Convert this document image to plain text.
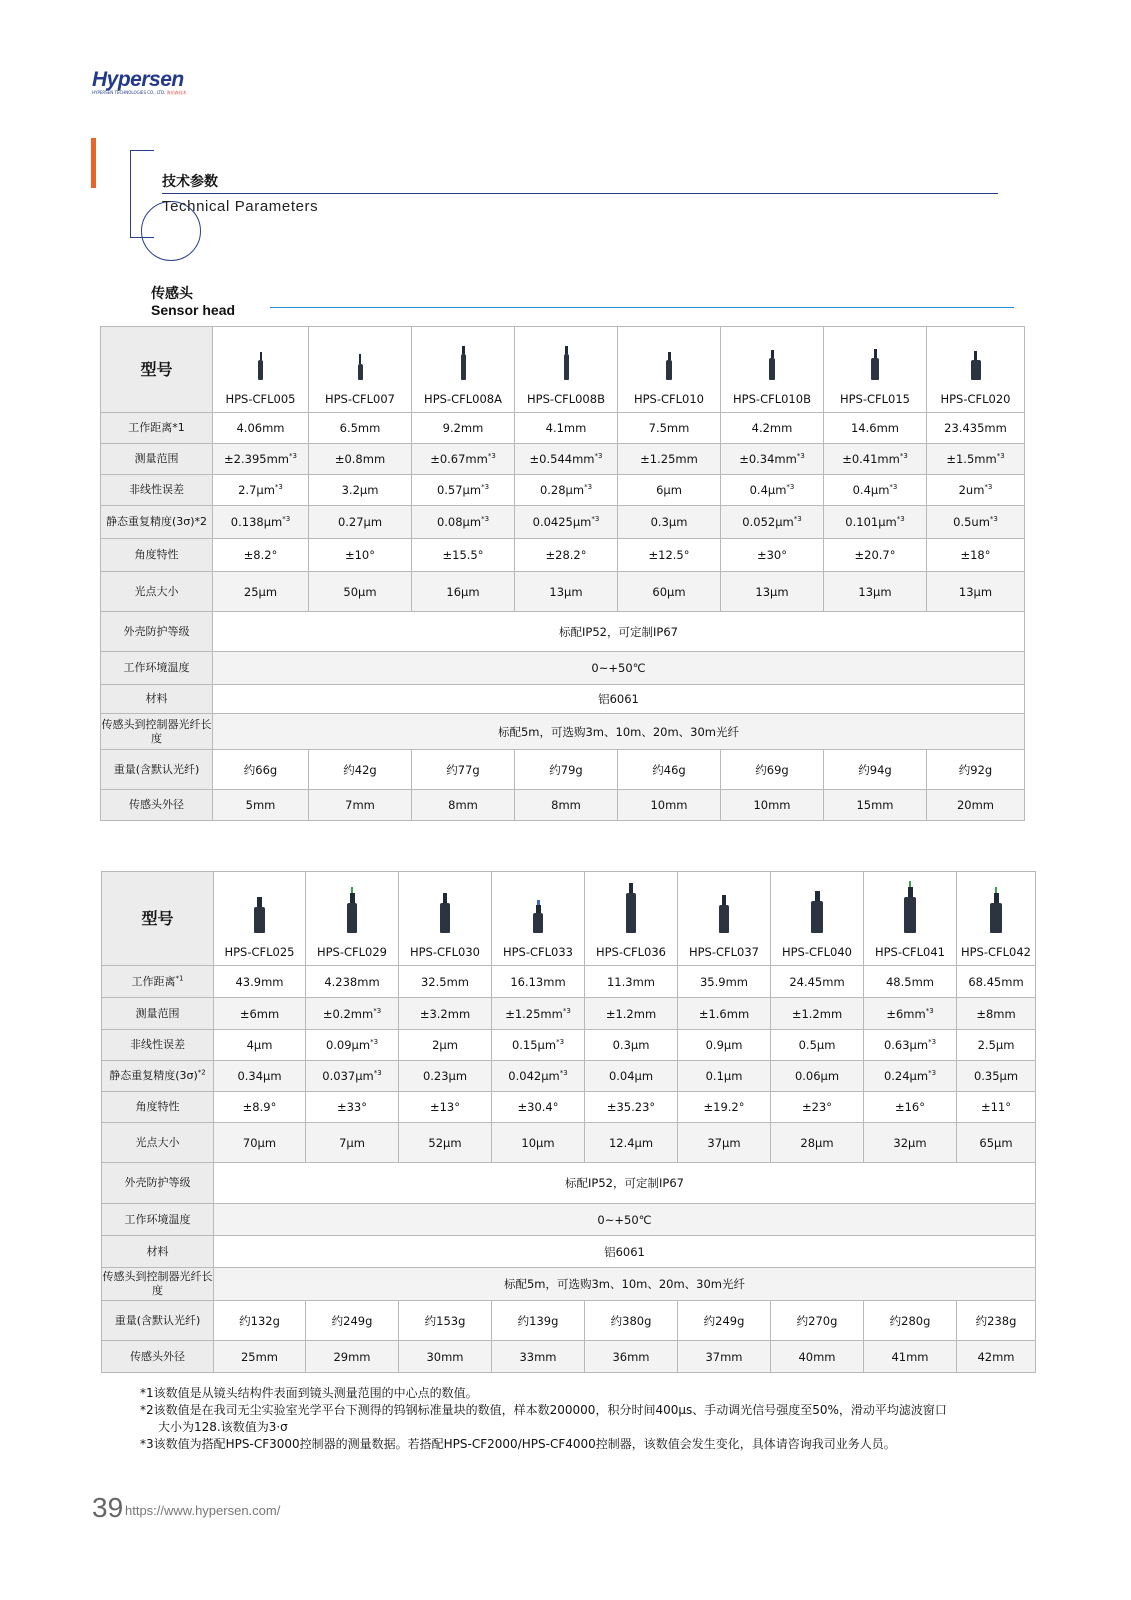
Hypersen
HYPERSEN TECHNOLOGIES CO., LTD. 海伯森技术
技术参数
Technical Parameters
传感头
Sensor head
型号	HPS-CFL005	HPS-CFL007	HPS-CFL008A	HPS-CFL008B	HPS-CFL010	HPS-CFL010B	HPS-CFL015	HPS-CFL020
工作距离*1	4.06mm	6.5mm	9.2mm	4.1mm	7.5mm	4.2mm	14.6mm	23.435mm
测量范围	$\pm 2.395mm^{*3}$	±0.8mm	$\pm 0.67mm^{*3}$	$\pm 0.544mm^{*3}$	±1.25mm	$\pm 0.34mm^{*3}$	$\pm 0.41mm^{*3}$	$\pm 1.5mm^{*3}$
非线性误差	$2.7\mu m^{*3}$	3.2μm	$0.57\mu m^{*3}$	$0.28\mu m^{*3}$	6μm	$0.4\mu m^{*3}$	$0.4\mu m^{*3}$	$2um^{*3}$
静态重复精度(3σ)*2	$0.138\mu m^{*3}$	0.27μm	$0.08\mu m^{*3}$	$0.0425\mu m^{*3}$	0.3μm	$0.052\mu m^{*3}$	$0.101\mu m^{*3}$	$0.5um^{*3}$
角度特性	±8.2°	±10°	±15.5°	±28.2°	±12.5°	±30°	±20.7°	±18°
光点大小	25μm	50μm	16μm	13μm	60μm	13μm	13μm	13μm
外壳防护等级	标配IP52，可定制IP67							
工作环境温度	0~+50℃							
材料	铝6061							
传感头到控制器光纤长度	标配5m，可选购3m、10m、20m、30m光纤							
重量(含默认光纤)	约66g	约42g	约77g	约79g	约46g	约69g	约94g	约92g
传感头外径	5mm	7mm	8mm	8mm	10mm	10mm	15mm	20mm
型号	HPS-CFL025	HPS-CFL029	HPS-CFL030	HPS-CFL033	HPS-CFL036	HPS-CFL037	HPS-CFL040	HPS-CFL041	HPS-CFL042
工作距离$^{*1}$	43.9mm	4.238mm	32.5mm	16.13mm	11.3mm	35.9mm	24.45mm	48.5mm	68.45mm
测量范围	±6mm	$\pm 0.2mm^{*3}$	±3.2mm	$\pm 1.25mm^{*3}$	±1.2mm	±1.6mm	±1.2mm	$\pm 6mm^{*3}$	±8mm
非线性误差	4μm	$0.09\mu m^{*3}$	2μm	$0.15\mu m^{*3}$	0.3μm	0.9μm	0.5μm	$0.63\mu m^{*3}$	2.5μm
静态重复精度$(3\sigma)^{*2}$	0.34μm	$0.037\mu m^{*3}$	0.23μm	$0.042\mu m^{*3}$	0.04μm	0.1μm	0.06μm	$0.24\mu m^{*3}$	0.35μm
角度特性	±8.9°	±33°	±13°	±30.4°	±35.23°	±19.2°	±23°	±16°	±11°
光点大小	70μm	7μm	52μm	10μm	12.4μm	37μm	28μm	32μm	65μm
外壳防护等级	标配IP52，可定制IP67								
工作环境温度	0~+50℃								
材料	铝6061								
传感头到控制器光纤长度	标配5m，可选购3m、10m、20m、30m光纤								
重量(含默认光纤)	约132g	约249g	约153g	约139g	约380g	约249g	约270g	约280g	约238g
传感头外径	25mm	29mm	30mm	33mm	36mm	37mm	40mm	41mm	42mm
*1该数值是从镜头结构件表面到镜头测量范围的中心点的数值。
*2该数值是在我司无尘实验室光学平台下测得的钨钢标准量块的数值，样本数200000，积分时间400μs、手动调光信号强度至50%，滑动平均滤波窗口
大小为128.该数值为3·σ
*3该数值为搭配HPS-CF3000控制器的测量数据。若搭配HPS-CF2000/HPS-CF4000控制器，该数值会发生变化，具体请咨询我司业务人员。
39 https://www.hypersen.com/
